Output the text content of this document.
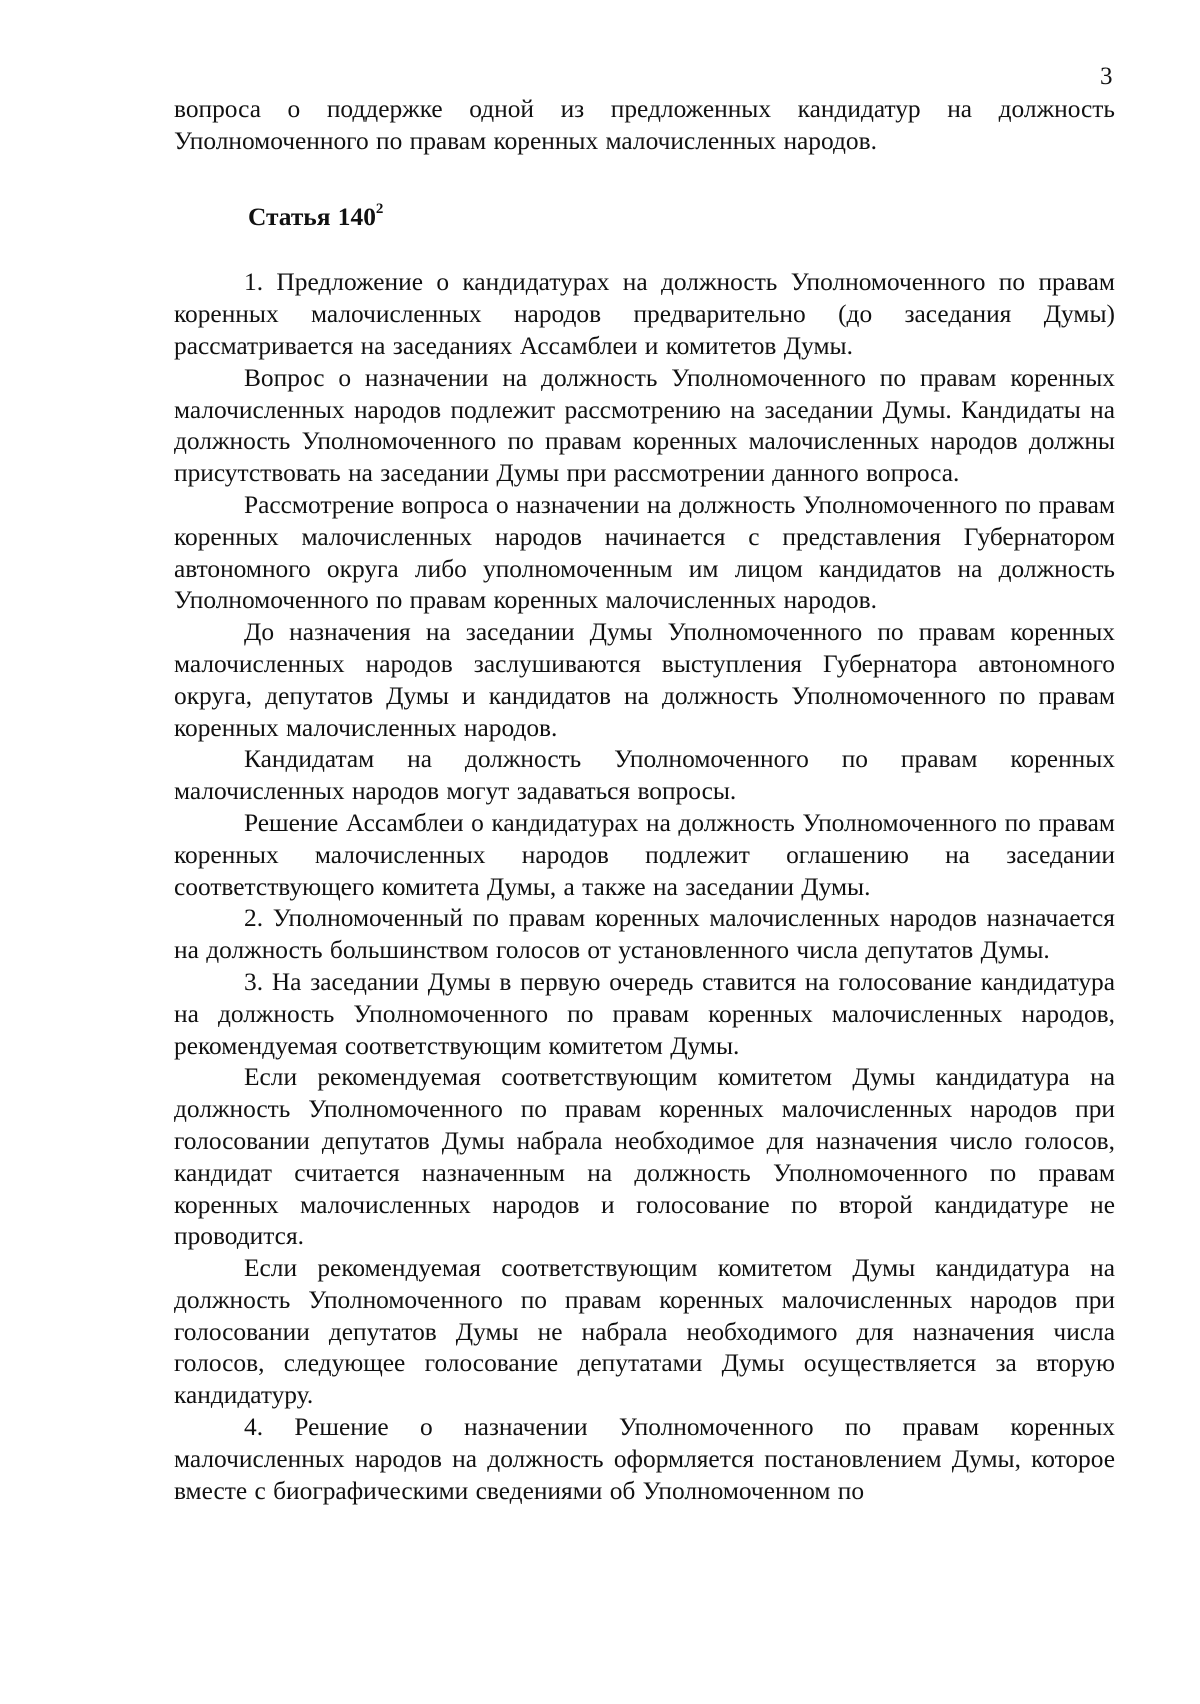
3

вопроса о поддержке одной из предложенных кандидатур на должность Уполномоченного по правам коренных малочисленных народов.

Статья $140^2$

1. Предложение о кандидатурах на должность Уполномоченного по правам коренных малочисленных народов предварительно (до заседания Думы) рассматривается на заседаниях Ассамблеи и комитетов Думы.

Вопрос о назначении на должность Уполномоченного по правам коренных малочисленных народов подлежит рассмотрению на заседании Думы. Кандидаты на должность Уполномоченного по правам коренных малочисленных народов должны присутствовать на заседании Думы при рассмотрении данного вопроса.

Рассмотрение вопроса о назначении на должность Уполномоченного по правам коренных малочисленных народов начинается с представления Губернатором автономного округа либо уполномоченным им лицом кандидатов на должность Уполномоченного по правам коренных малочисленных народов.

До назначения на заседании Думы Уполномоченного по правам коренных малочисленных народов заслушиваются выступления Губернатора автономного округа, депутатов Думы и кандидатов на должность Уполномоченного по правам коренных малочисленных народов.

Кандидатам на должность Уполномоченного по правам коренных малочисленных народов могут задаваться вопросы.

Решение Ассамблеи о кандидатурах на должность Уполномоченного по правам коренных малочисленных народов подлежит оглашению на заседании соответствующего комитета Думы, а также на заседании Думы.

2. Уполномоченный по правам коренных малочисленных народов назначается на должность большинством голосов от установленного числа депутатов Думы.

3. На заседании Думы в первую очередь ставится на голосование кандидатура на должность Уполномоченного по правам коренных малочисленных народов, рекомендуемая соответствующим комитетом Думы.

Если рекомендуемая соответствующим комитетом Думы кандидатура на должность Уполномоченного по правам коренных малочисленных народов при голосовании депутатов Думы набрала необходимое для назначения число голосов, кандидат считается назначенным на должность Уполномоченного по правам коренных малочисленных народов и голосование по второй кандидатуре не проводится.

Если рекомендуемая соответствующим комитетом Думы кандидатура на должность Уполномоченного по правам коренных малочисленных народов при голосовании депутатов Думы не набрала необходимого для назначения числа голосов, следующее голосование депутатами Думы осуществляется за вторую кандидатуру.

4. Решение о назначении Уполномоченного по правам коренных малочисленных народов на должность оформляется постановлением Думы, которое вместе с биографическими сведениями об Уполномоченном по
